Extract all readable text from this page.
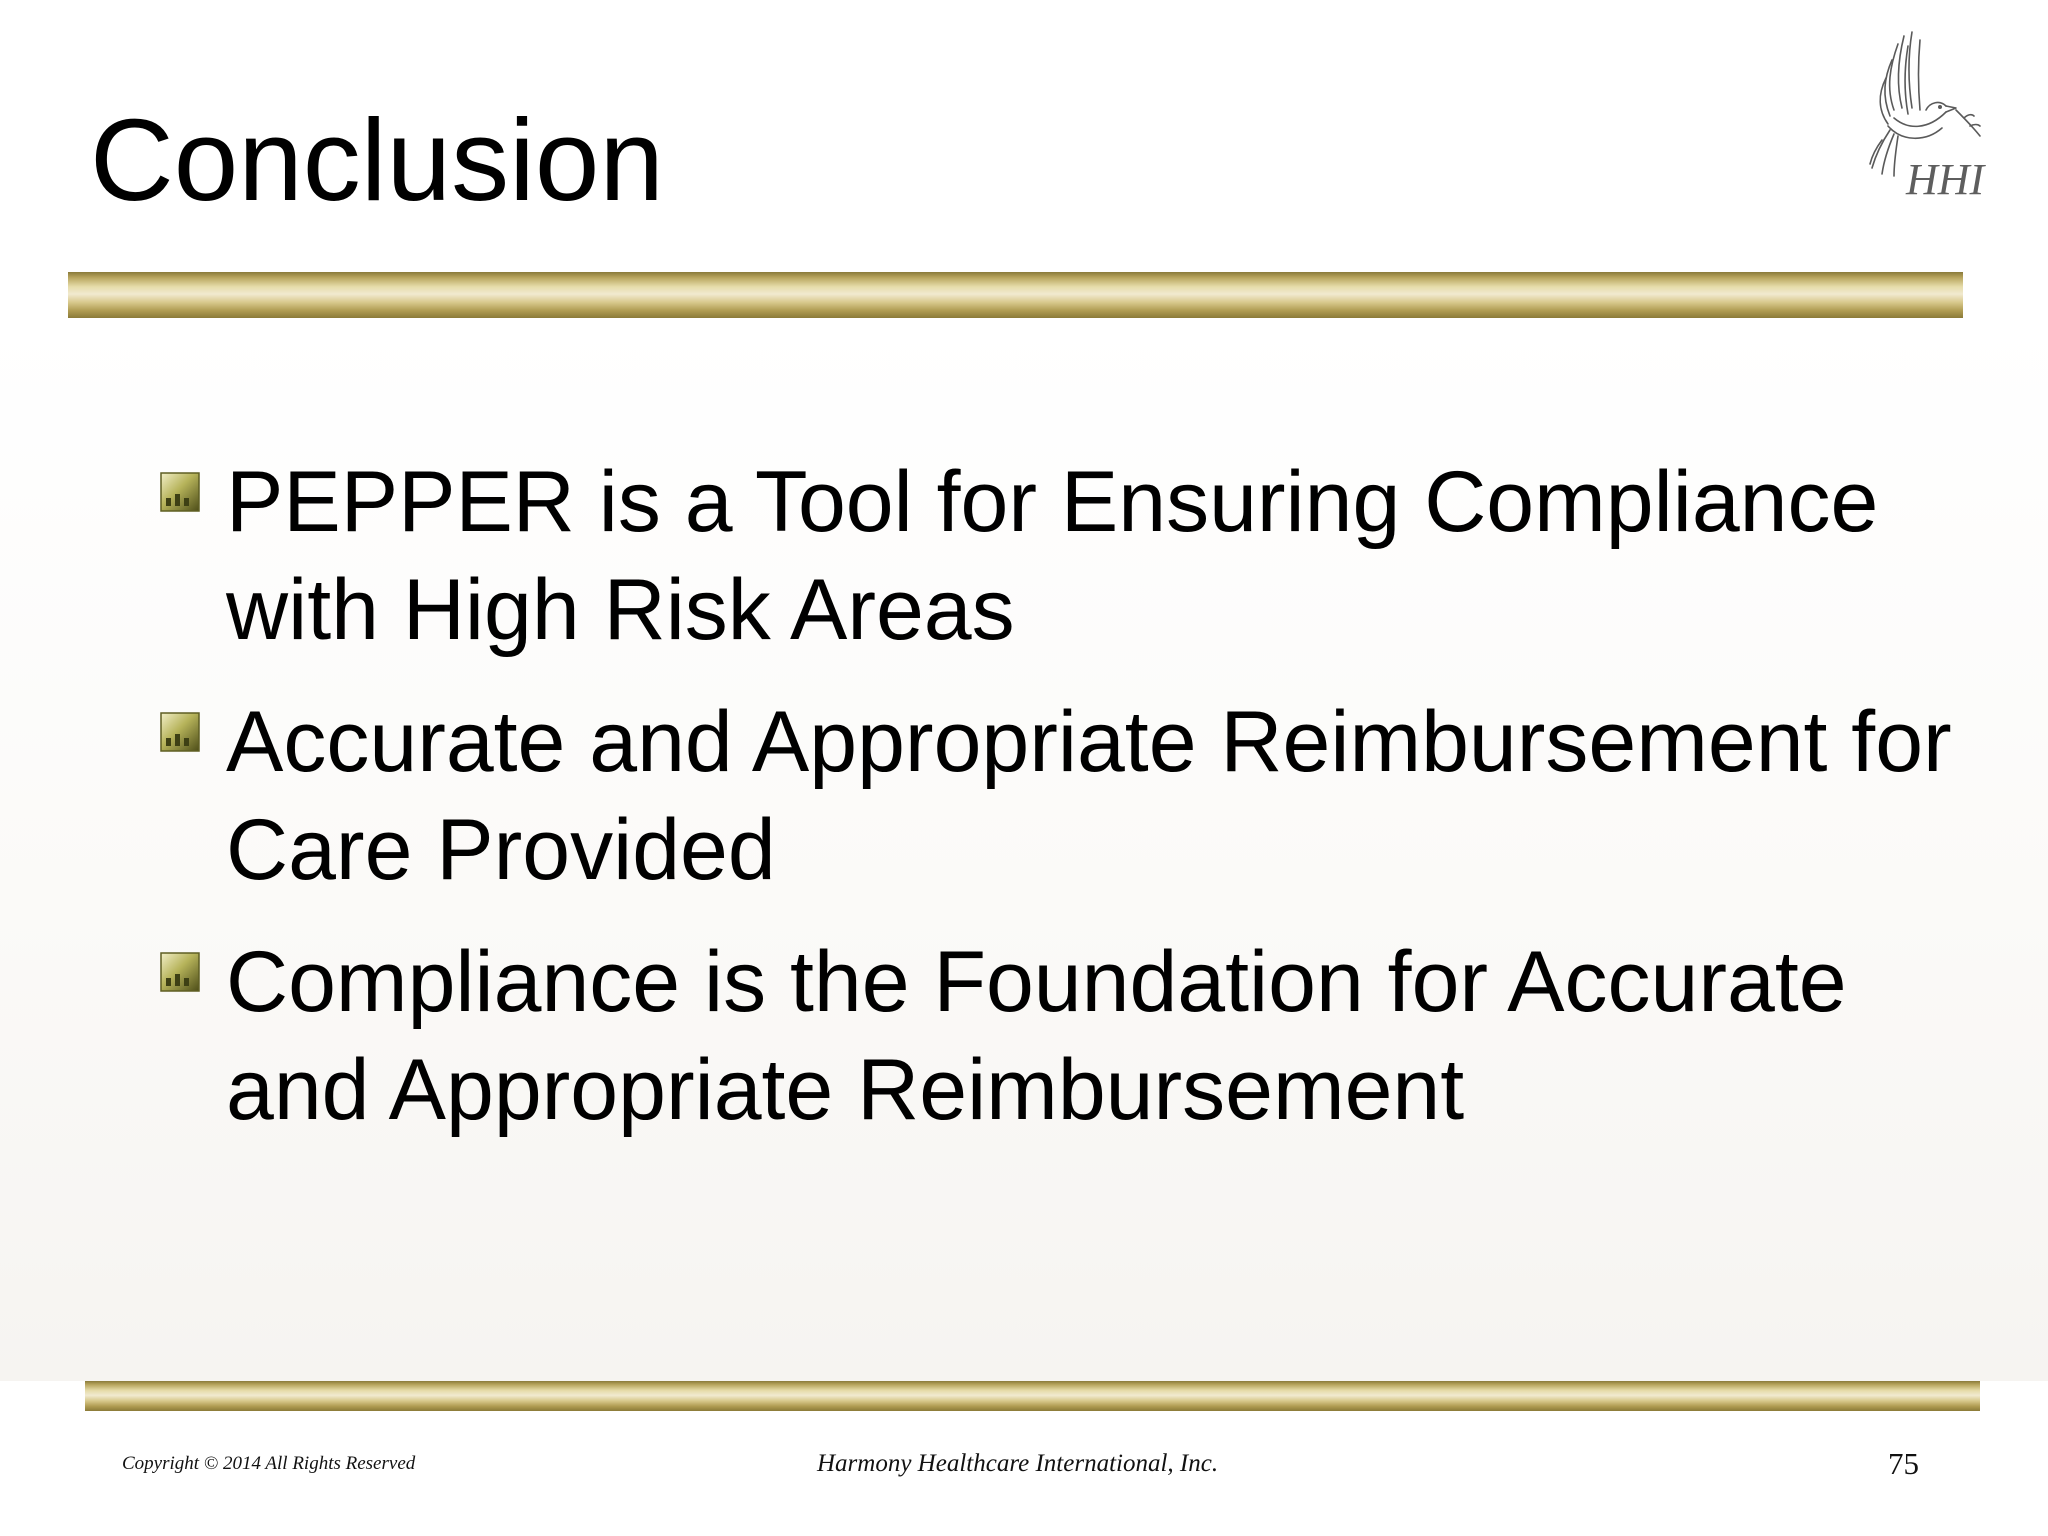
Conclusion	HHI
PEPPER is a Tool for Ensuring Compliance with High Risk Areas
Accurate and Appropriate Reimbursement for Care Provided
Compliance is the Foundation for Accurate and Appropriate Reimbursement
Copyright © 2014 All Rights Reserved	Harmony Healthcare International, Inc.	75
